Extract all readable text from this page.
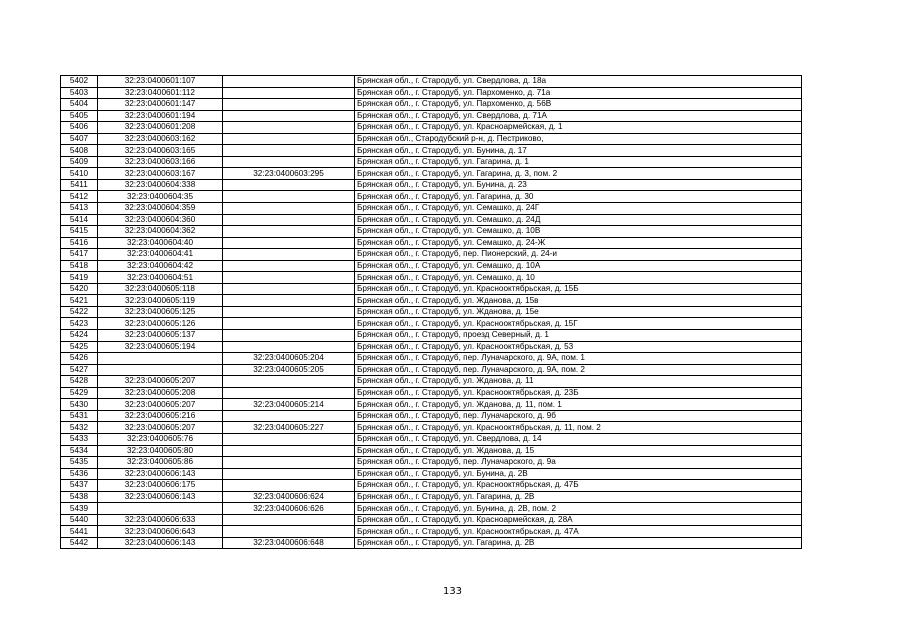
5402	32:23:0400601:107		Брянская обл., г. Стародуб, ул. Свердлова, д. 18а
5403	32:23:0400601:112		Брянская обл., г. Стародуб, ул. Пархоменко, д. 71а
5404	32:23:0400601:147		Брянская обл., г. Стародуб, ул. Пархоменко, д. 56В
5405	32:23:0400601:194		Брянская обл., г. Стародуб, ул. Свердлова, д. 71А
5406	32:23:0400601:208		Брянская обл., г. Стародуб, ул. Красноармейская, д. 1
5407	32:23:0400603:162		Брянская обл., Стародубский р-н, д. Пестриково,
5408	32:23:0400603:165		Брянская обл., г. Стародуб, ул. Бунина, д. 17
5409	32:23:0400603:166		Брянская обл., г. Стародуб, ул. Гагарина, д. 1
5410	32:23:0400603:167	32:23:0400603:295	Брянская обл., г. Стародуб, ул. Гагарина, д. 3, пом. 2
5411	32:23:0400604:338		Брянская обл., г. Стародуб, ул. Бунина, д. 23
5412	32:23:0400604:35		Брянская обл., г. Стародуб, ул. Гагарина, д. 30
5413	32:23:0400604:359		Брянская обл., г. Стародуб, ул. Семашко, д. 24Г
5414	32:23:0400604:360		Брянская обл., г. Стародуб, ул. Семашко, д. 24Д
5415	32:23:0400604:362		Брянская обл., г. Стародуб, ул. Семашко, д. 10В
5416	32:23:0400604:40		Брянская обл., г. Стародуб, ул. Семашко, д. 24-Ж
5417	32:23:0400604:41		Брянская обл., г. Стародуб, пер. Пионерский, д. 24-и
5418	32:23:0400604:42		Брянская обл., г. Стародуб, ул. Семашко, д. 10А
5419	32:23:0400604:51		Брянская обл., г. Стародуб, ул. Семашко, д. 10
5420	32:23:0400605:118		Брянская обл., г. Стародуб, ул. Краснооктябрьская, д. 15Б
5421	32:23:0400605:119		Брянская обл., г. Стародуб, ул. Жданова, д. 15в
5422	32:23:0400605:125		Брянская обл., г. Стародуб, ул. Жданова, д. 15е
5423	32:23:0400605:126		Брянская обл., г. Стародуб, ул. Краснооктябрьская, д. 15Г
5424	32:23:0400605:137		Брянская обл., г. Стародуб, проезд Северный, д. 1
5425	32:23:0400605:194		Брянская обл., г. Стародуб, ул. Краснооктябрьская, д. 53
5426		32:23:0400605:204	Брянская обл., г. Стародуб, пер. Луначарского, д. 9А, пом. 1
5427		32:23:0400605:205	Брянская обл., г. Стародуб, пер. Луначарского, д. 9А, пом. 2
5428	32:23:0400605:207		Брянская обл., г. Стародуб, ул. Жданова, д. 11
5429	32:23:0400605:208		Брянская обл., г. Стародуб, ул. Краснооктябрьская, д. 23Б
5430	32:23:0400605:207	32:23:0400605:214	Брянская обл., г. Стародуб, ул. Жданова, д. 11, пом. 1
5431	32:23:0400605:216		Брянская обл., г. Стародуб, пер. Луначарского, д. 9б
5432	32:23:0400605:207	32:23:0400605:227	Брянская обл., г. Стародуб, ул. Краснооктябрьская, д. 11, пом. 2
5433	32:23:0400605:76		Брянская обл., г. Стародуб, ул. Свердлова, д. 14
5434	32:23:0400605:80		Брянская обл., г. Стародуб, ул. Жданова, д. 15
5435	32:23:0400605:86		Брянская обл., г. Стародуб, пер. Луначарского, д. 9а
5436	32:23:0400606:143		Брянская обл., г. Стародуб, ул. Бунина, д. 2В
5437	32:23:0400606:175		Брянская обл., г. Стародуб, ул. Краснооктябрьская, д. 47Б
5438	32:23:0400606:143	32:23:0400606:624	Брянская обл., г. Стародуб, ул. Гагарина, д. 2В
5439		32:23:0400606:626	Брянская обл., г. Стародуб, ул. Бунина, д. 2В, пом. 2
5440	32:23:0400606:633		Брянская обл., г. Стародуб, ул. Красноармейская, д. 28А
5441	32:23:0400606:643		Брянская обл., г. Стародуб, ул. Краснооктябрьская, д. 47А
5442	32:23:0400606:143	32:23:0400606:648	Брянская обл., г. Стародуб, ул. Гагарина, д. 2В
133
